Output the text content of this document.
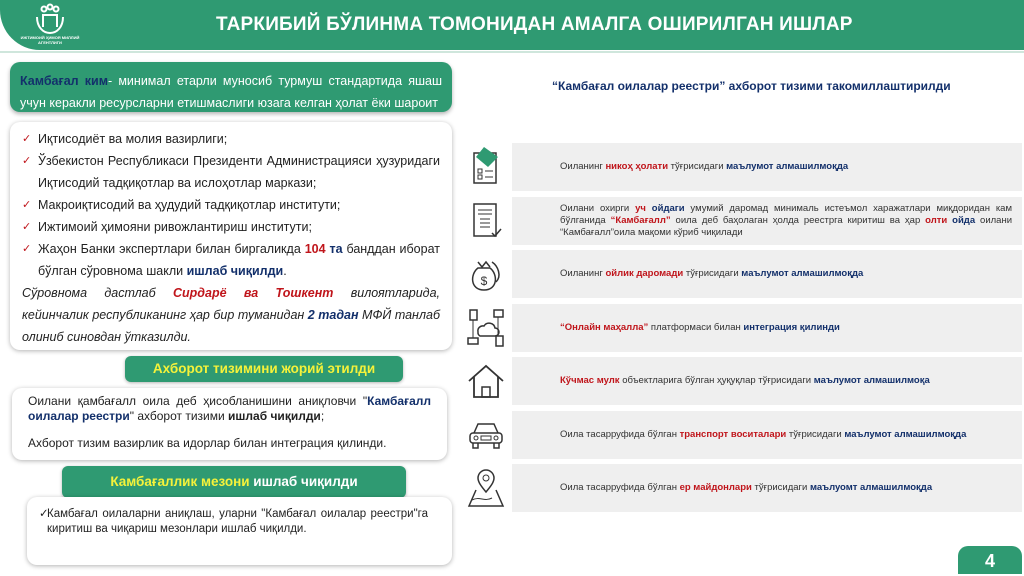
ИЖТИМОИЙ ҲИМОЯ МИЛЛИЙ АГЕНТЛИГИ
ТАРКИБИЙ БЎЛИНМА ТОМОНИДАН АМАЛГА ОШИРИЛГАН ИШЛАР
Камбағал ким- минимал етарли муносиб турмуш стандартида яшаш учун керакли ресурсларни етишмаслиги юзага келган ҳолат ёки шароит
✓ Иқтисодиёт ва молия вазирлиги;
✓ Ўзбекистон Республикаси Президенти Администрацияси ҳузуридаги Иқтисодий тадқиқотлар ва ислоҳотлар маркази;
✓ Макроиқтисодий ва ҳудудий тадқиқотлар институти;
✓ Ижтимоий ҳимояни ривожлантириш институти;
✓ Жаҳон Банки экспертлари билан биргаликда 104 та банддан иборат бўлган сўровнома шакли ишлаб чиқилди.

Сўровнома дастлаб Сирдарё ва Тошкент вилоятларида, кейинчалик республиканинг ҳар бир туманидан 2 тадан МФЙ танлаб олиниб синовдан ўтказилди.

Ахборот тизимини жорий этилди
Оилани қамбағалл оила деб ҳисобланишини аниқловчи "Камбағалл оилалар реестри" ахборот тизими ишлаб чиқилди;
Ахборот тизим вазирлик ва идорлар билан интеграция қилинди.
Камбағаллик мезони ишлаб чиқилди
✓
Камбағал оилаларни аниқлаш, уларни "Камбағал оилалар реестри"га киритиш ва чиқариш мезонлари ишлаб чиқилди.
“Камбағал оилалар реестри” ахборот тизими такомиллаштирилди
Оиланинг никоҳ ҳолати тўғрисидаги маълумот алмашилмоқда
Оилани охирги уч ойдаги умумий даромад минималь истеъмол харажатлари миқдоридан кам бўлганида “Камбағалл” оила деб баҳолаган ҳолда реестрга киритиш ва ҳар олти ойда оилани “Камбағалл”оила мақоми кўриб чиқилади
$
Оиланинг ойлик даромади тўғрисидаги маълумот алмашилмоқда
“Онлайн маҳалла” платформаси билан интеграция қилинди
Кўчмас мулк объектларига бўлган ҳуқуқлар тўғрисидаги маълумот алмашилмоқа
Оила тасарруфида бўлган транспорт воситалари тўғрисидаги маълумот алмашилмоқда
Оила тасарруфида бўлган ер майдонлари тўғрисидаги маълуомт алмашилмоқда
4
